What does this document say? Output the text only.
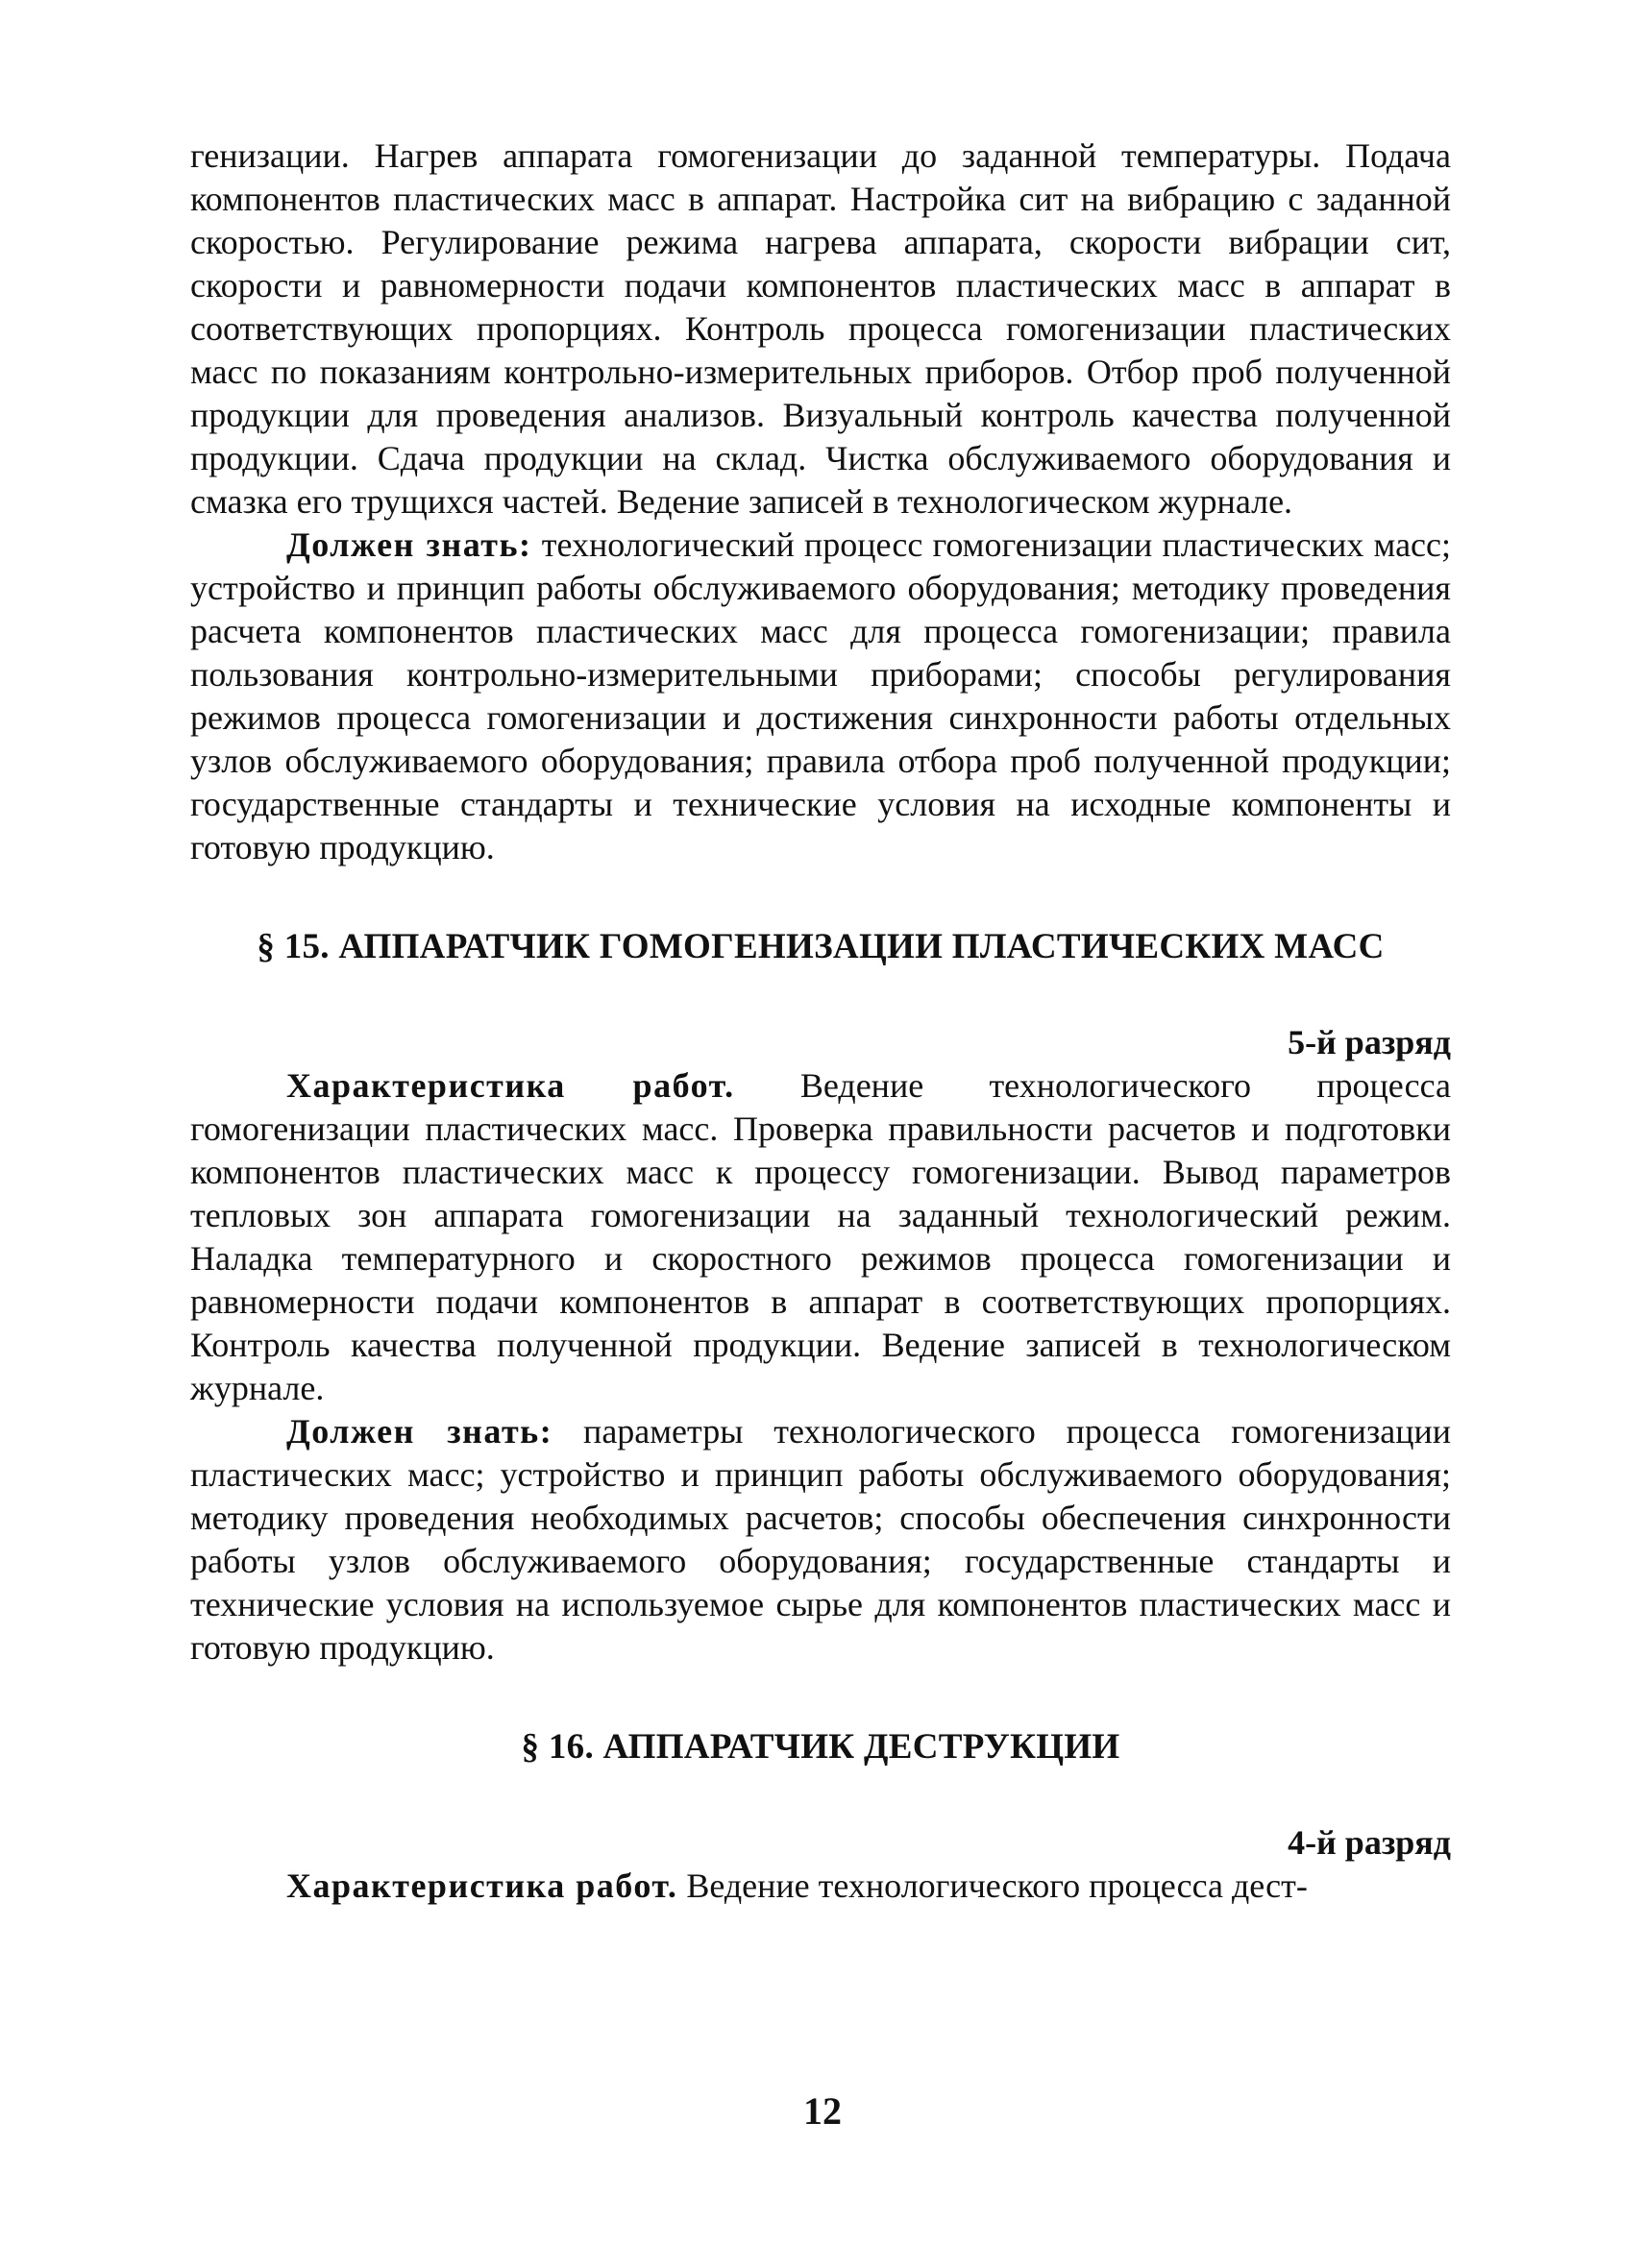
генизации. Нагрев аппарата гомогенизации до заданной температуры. Подача компонентов пластических масс в аппарат. Настройка сит на вибрацию с заданной скоростью. Регулирование режима нагрева аппарата, скорости вибрации сит, скорости и равномерности подачи компонентов пластических масс в аппарат в соответствующих пропорциях. Контроль процесса гомогенизации пластических масс по показаниям контрольно-измерительных приборов. Отбор проб полученной продукции для проведения анализов. Визуальный контроль качества полученной продукции. Сдача продукции на склад. Чистка обслуживаемого оборудования и смазка его трущихся частей. Ведение записей в технологическом журнале.

Должен знать: технологический процесс гомогенизации пластических масс; устройство и принцип работы обслуживаемого оборудования; методику проведения расчета компонентов пластических масс для процесса гомогенизации; правила пользования контрольно-измерительными приборами; способы регулирования режимов процесса гомогенизации и достижения синхронности работы отдельных узлов обслуживаемого оборудования; правила отбора проб полученной продукции; государственные стандарты и технические условия на исходные компоненты и готовую продукцию.

§ 15. АППАРАТЧИК ГОМОГЕНИЗАЦИИ ПЛАСТИЧЕСКИХ МАСС
5-й разряд

Характеристика работ. Ведение технологического процесса гомогенизации пластических масс. Проверка правильности расчетов и подготовки компонентов пластических масс к процессу гомогенизации. Вывод параметров тепловых зон аппарата гомогенизации на заданный технологический режим. Наладка температурного и скоростного режимов процесса гомогенизации и равномерности подачи компонентов в аппарат в соответствующих пропорциях. Контроль качества полученной продукции. Ведение записей в технологическом журнале.

Должен знать: параметры технологического процесса гомогенизации пластических масс; устройство и принцип работы обслуживаемого оборудования; методику проведения необходимых расчетов; способы обеспечения синхронности работы узлов обслуживаемого оборудования; государственные стандарты и технические условия на используемое сырье для компонентов пластических масс и готовую продукцию.

§ 16. АППАРАТЧИК ДЕСТРУКЦИИ
4-й разряд

Характеристика работ. Ведение технологического процесса дест-

12
